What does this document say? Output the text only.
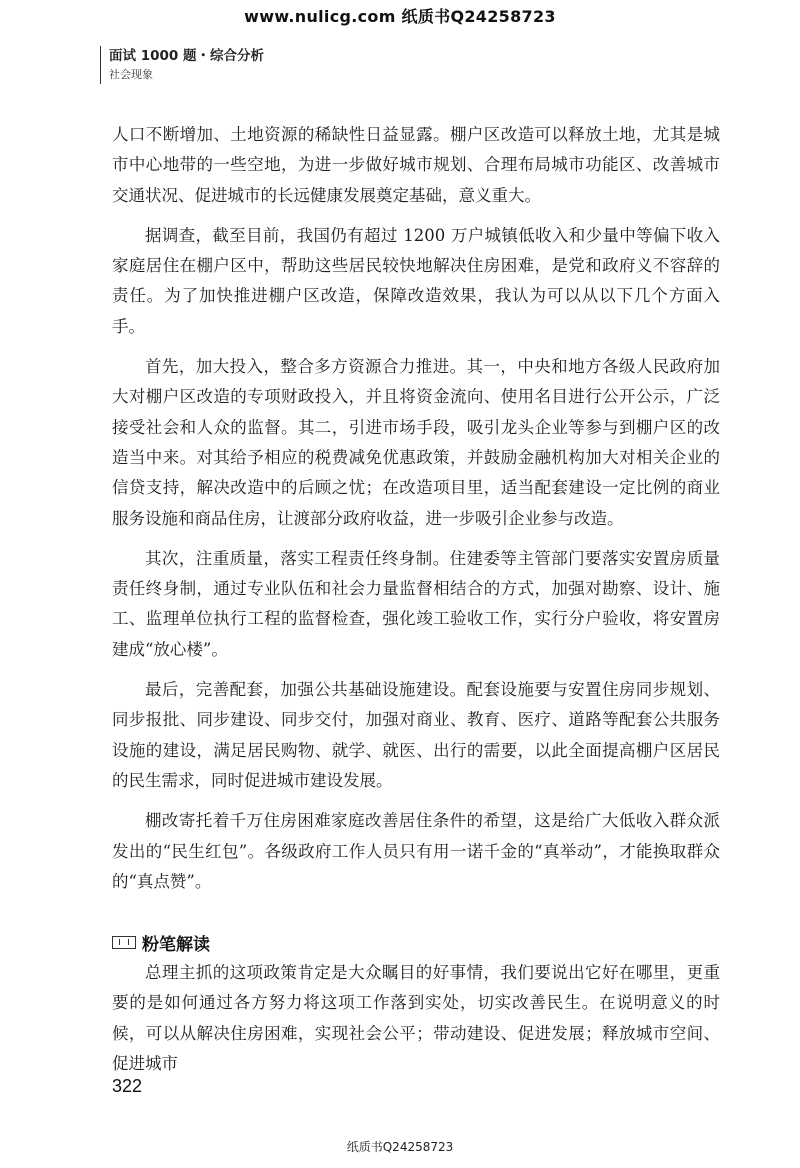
www.nulicg.com 纸质书Q24258723
面试 1000 题・综合分析
社会现象

人口不断增加、土地资源的稀缺性日益显露。棚户区改造可以释放土地，尤其是城市中心地带的一些空地，为进一步做好城市规划、合理布局城市功能区、改善城市交通状况、促进城市的长远健康发展奠定基础，意义重大。

据调查，截至目前，我国仍有超过 1200 万户城镇低收入和少量中等偏下收入家庭居住在棚户区中，帮助这些居民较快地解决住房困难，是党和政府义不容辞的责任。为了加快推进棚户区改造，保障改造效果，我认为可以从以下几个方面入手。

首先，加大投入，整合多方资源合力推进。其一，中央和地方各级人民政府加大对棚户区改造的专项财政投入，并且将资金流向、使用名目进行公开公示，广泛接受社会和人众的监督。其二，引进市场手段，吸引龙头企业等参与到棚户区的改造当中来。对其给予相应的税费减免优惠政策，并鼓励金融机构加大对相关企业的信贷支持，解决改造中的后顾之忧；在改造项目里，适当配套建设一定比例的商业服务设施和商品住房，让渡部分政府收益，进一步吸引企业参与改造。

其次，注重质量，落实工程责任终身制。住建委等主管部门要落实安置房质量责任终身制，通过专业队伍和社会力量监督相结合的方式，加强对勘察、设计、施工、监理单位执行工程的监督检查，强化竣工验收工作，实行分户验收，将安置房建成“放心楼”。

最后，完善配套，加强公共基础设施建设。配套设施要与安置住房同步规划、同步报批、同步建设、同步交付，加强对商业、教育、医疗、道路等配套公共服务设施的建设，满足居民购物、就学、就医、出行的需要，以此全面提高棚户区居民的民生需求，同时促进城市建设发展。

棚改寄托着千万住房困难家庭改善居住条件的希望，这是给广大低收入群众派发出的“民生红包”。各级政府工作人员只有用一诺千金的“真举动”，才能换取群众的“真点赞”。

粉笔解读

总理主抓的这项政策肯定是大众瞩目的好事情，我们要说出它好在哪里，更重要的是如何通过各方努力将这项工作落到实处，切实改善民生。在说明意义的时候，可以从解决住房困难，实现社会公平；带动建设、促进发展；释放城市空间、促进城市

322
纸质书Q24258723
